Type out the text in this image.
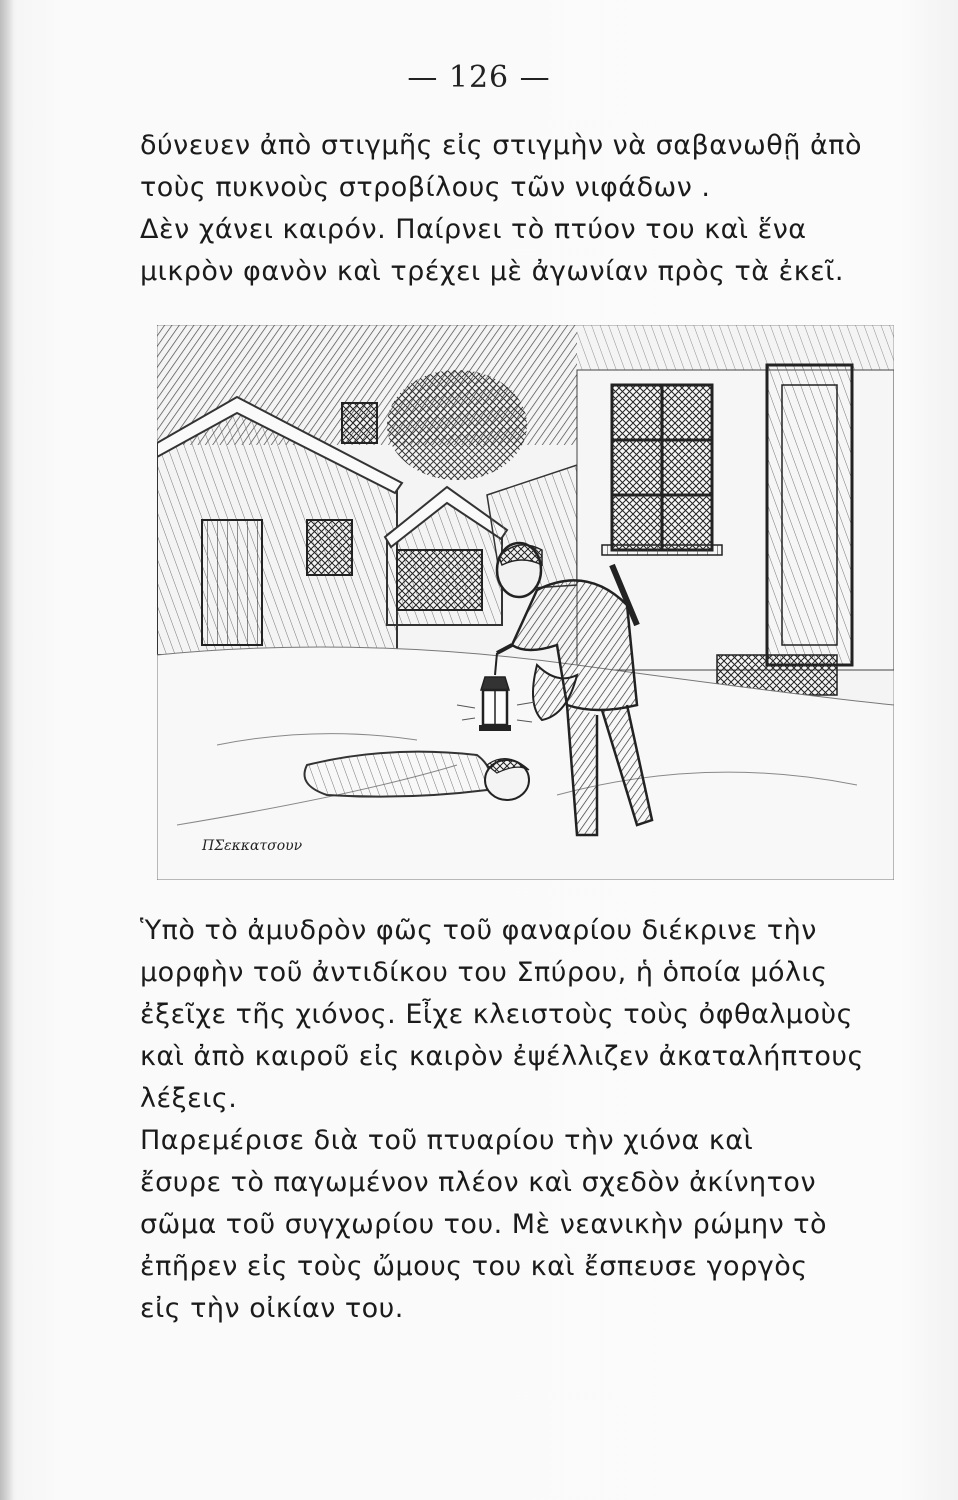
— 126 —
δύνευεν ἀπὸ στιγμῆς εἰς στιγμὴν νὰ σαβανωθῇ ἀπὸ
τοὺς πυκνοὺς στροβίλους τῶν νιφάδων .
Δὲν χάνει καιρόν. Παίρνει τὸ πτύον του καὶ ἕνα
μικρὸν φανὸν καὶ τρέχει μὲ ἀγωνίαν πρὸς τὰ ἐκεῖ.
ΠΣεκκατσουν
Ὑπὸ τὸ ἀμυδρὸν φῶς τοῦ φαναρίου διέκρινε τὴν
μορφὴν τοῦ ἀντιδίκου του Σπύρου, ἡ ὁποία μόλις
ἐξεῖχε τῆς χιόνος. Εἶχε κλειστοὺς τοὺς ὀφθαλμοὺς
καὶ ἀπὸ καιροῦ εἰς καιρὸν ἐψέλλιζεν ἀκαταλήπτους
λέξεις.
Παρεμέρισε διὰ τοῦ πτυαρίου τὴν χιόνα καὶ
ἔσυρε τὸ παγωμένον πλέον καὶ σχεδὸν ἀκίνητον
σῶμα τοῦ συγχωρίου του. Μὲ νεανικὴν ρώμην τὸ
ἐπῆρεν εἰς τοὺς ὤμους του καὶ ἔσπευσε γοργὸς
εἰς τὴν οἰκίαν του.
